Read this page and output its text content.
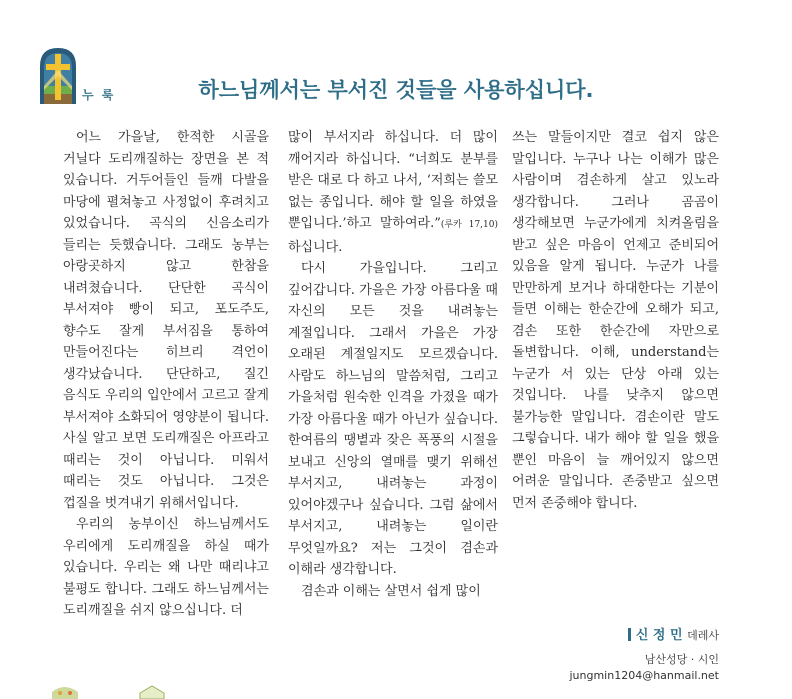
누 룩	하느님께서는 부서진 것들을 사용하십니다.

어느 가을날, 한적한 시골을 거닐다 도리깨질하는 장면을 본 적 있습니다. 거두어들인 들깨 다발을 마당에 펼쳐놓고 사정없이 후려치고 있었습니다. 곡식의 신음소리가 들리는 듯했습니다. 그래도 농부는 아랑곳하지 않고 한참을 내려쳤습니다. 단단한 곡식이 부서져야 빵이 되고, 포도주도, 향수도 잘게 부서짐을 통하여 만들어진다는 히브리 격언이 생각났습니다. 단단하고, 질긴 음식도 우리의 입안에서 고르고 잘게 부서져야 소화되어 영양분이 됩니다. 사실 알고 보면 도리깨질은 아프라고 때리는 것이 아닙니다. 미워서 때리는 것도 아닙니다. 그것은 껍질을 벗겨내기 위해서입니다.

우리의 농부이신 하느님께서도 우리에게 도리깨질을 하실 때가 있습니다. 우리는 왜 나만 때리냐고 불평도 합니다. 그래도 하느님께서는 도리깨질을 쉬지 않으십니다. 더

많이 부서지라 하십니다. 더 많이 깨어지라 하십니다. “너희도 분부를 받은 대로 다 하고 나서, ‘저희는 쓸모 없는 종입니다. 해야 할 일을 하였을 뿐입니다.’하고 말하여라.”(루카 17,10) 하십니다.

다시 가을입니다. 그리고 깊어갑니다. 가을은 가장 아름다울 때 자신의 모든 것을 내려놓는 계절입니다. 그래서 가을은 가장 오래된 계절일지도 모르겠습니다. 사람도 하느님의 말씀처럼, 그리고 가을처럼 원숙한 인격을 가졌을 때가 가장 아름다울 때가 아닌가 싶습니다. 한여름의 땡볕과 잦은 폭풍의 시절을 보내고 신앙의 열매를 맺기 위해선 부서지고, 내려놓는 과정이 있어야겠구나 싶습니다. 그럼 삶에서 부서지고, 내려놓는 일이란 무엇일까요? 저는 그것이 겸손과 이해라 생각합니다.

겸손과 이해는 살면서 쉽게 많이

쓰는 말들이지만 결코 쉽지 않은 말입니다. 누구나 나는 이해가 많은 사람이며 겸손하게 살고 있노라 생각합니다. 그러나 곰곰이 생각해보면 누군가에게 치켜올림을 받고 싶은 마음이 언제고 준비되어 있음을 알게 됩니다. 누군가 나를 만만하게 보거나 하대한다는 기분이 들면 이해는 한순간에 오해가 되고, 겸손 또한 한순간에 자만으로 돌변합니다. 이해, understand는 누군가 서 있는 단상 아래 있는 것입니다. 나를 낮추지 않으면 불가능한 말입니다. 겸손이란 말도 그렇습니다. 내가 해야 할 일을 했을 뿐인 마음이 늘 깨어있지 않으면 어려운 말입니다. 존중받고 싶으면 먼저 존중해야 합니다.

신 정 민 데레사
남산성당 · 시인
jungmin1204@hanmail.net
